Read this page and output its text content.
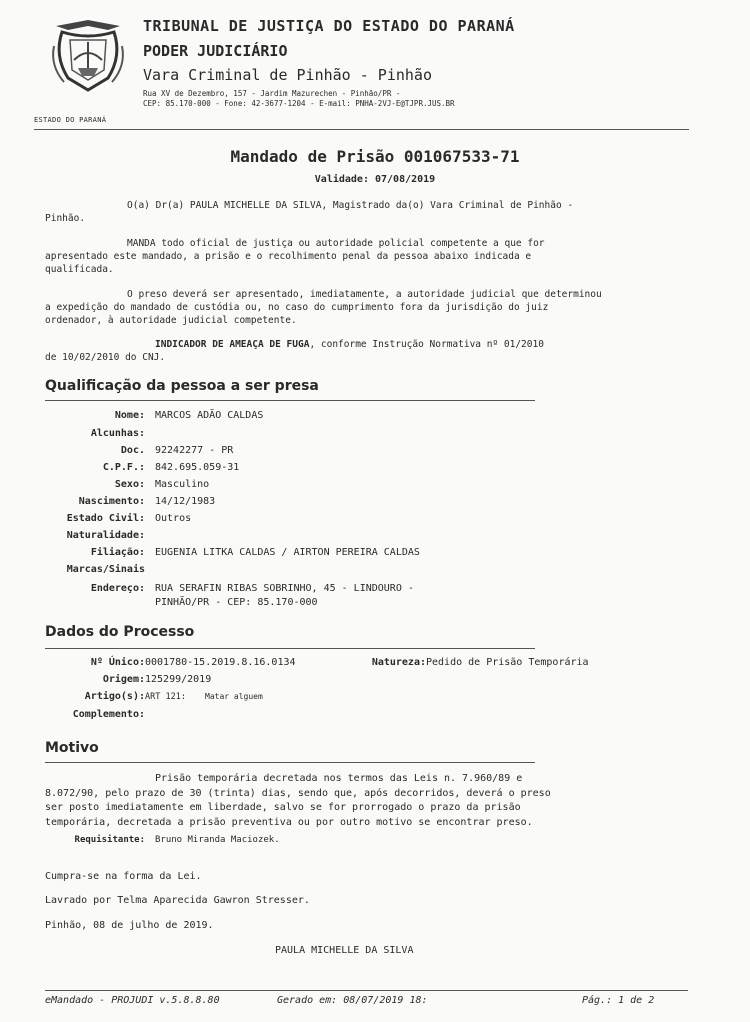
ESTADO DO PARANÁ
TRIBUNAL DE JUSTIÇA DO ESTADO DO PARANÁ
PODER JUDICIÁRIO
Vara Criminal de Pinhão - Pinhão
Rua XV de Dezembro, 157 - Jardim Mazurechen - Pinhão/PR -
CEP: 85.170-000 - Fone: 42-3677-1204 - E-mail: PNHA-2VJ-E@TJPR.JUS.BR
Mandado de Prisão 001067533-71
Validade: 07/08/2019
O(a) Dr(a) PAULA MICHELLE DA SILVA, Magistrado da(o) Vara Criminal de Pinhão -
Pinhão.
MANDA todo oficial de justiça ou autoridade policial competente a que for
apresentado este mandado, a prisão e o recolhimento penal da pessoa abaixo indicada e
qualificada.
O preso deverá ser apresentado, imediatamente, a autoridade judicial que determinou
a expedição do mandado de custódia ou, no caso do cumprimento fora da jurisdição do juiz
ordenador, à autoridade judicial competente.
INDICADOR DE AMEAÇA DE FUGA, conforme Instrução Normativa nº 01/2010
de 10/02/2010 do CNJ.
Qualificação da pessoa a ser presa
Nome: MARCOS ADÃO CALDAS
Alcunhas:
Doc. 92242277 - PR
C.P.F.: 842.695.059-31
Sexo: Masculino
Nascimento: 14/12/1983
Estado Civil: Outros
Naturalidade:
Filiação: EUGENIA LITKA CALDAS / AIRTON PEREIRA CALDAS
Marcas/Sinais
Endereço: RUA SERAFIN RIBAS SOBRINHO, 45 - LINDOURO -
PINHÃO/PR - CEP: 85.170-000
Dados do Processo
Nº Único: 0001780-15.2019.8.16.0134	Natureza: Pedido de Prisão Temporária
Origem: 125299/2019
Artigo(s): ART 121: Matar alguem
Complemento:
Motivo
Prisão temporária decretada nos termos das Leis n. 7.960/89 e
8.072/90, pelo prazo de 30 (trinta) dias, sendo que, após decorridos, deverá o preso
ser posto imediatamente em liberdade, salvo se for prorrogado o prazo da prisão
temporária, decretada a prisão preventiva ou por outro motivo se encontrar preso.
Requisitante: Bruno Miranda Maciozek.
Cumpra-se na forma da Lei.
Lavrado por Telma Aparecida Gawron Stresser.
Pinhão, 08 de julho de 2019.
PAULA MICHELLE DA SILVA
eMandado - PROJUDI v.5.8.8.80	Gerado em: 08/07/2019 18:	Pág.: 1 de 2
